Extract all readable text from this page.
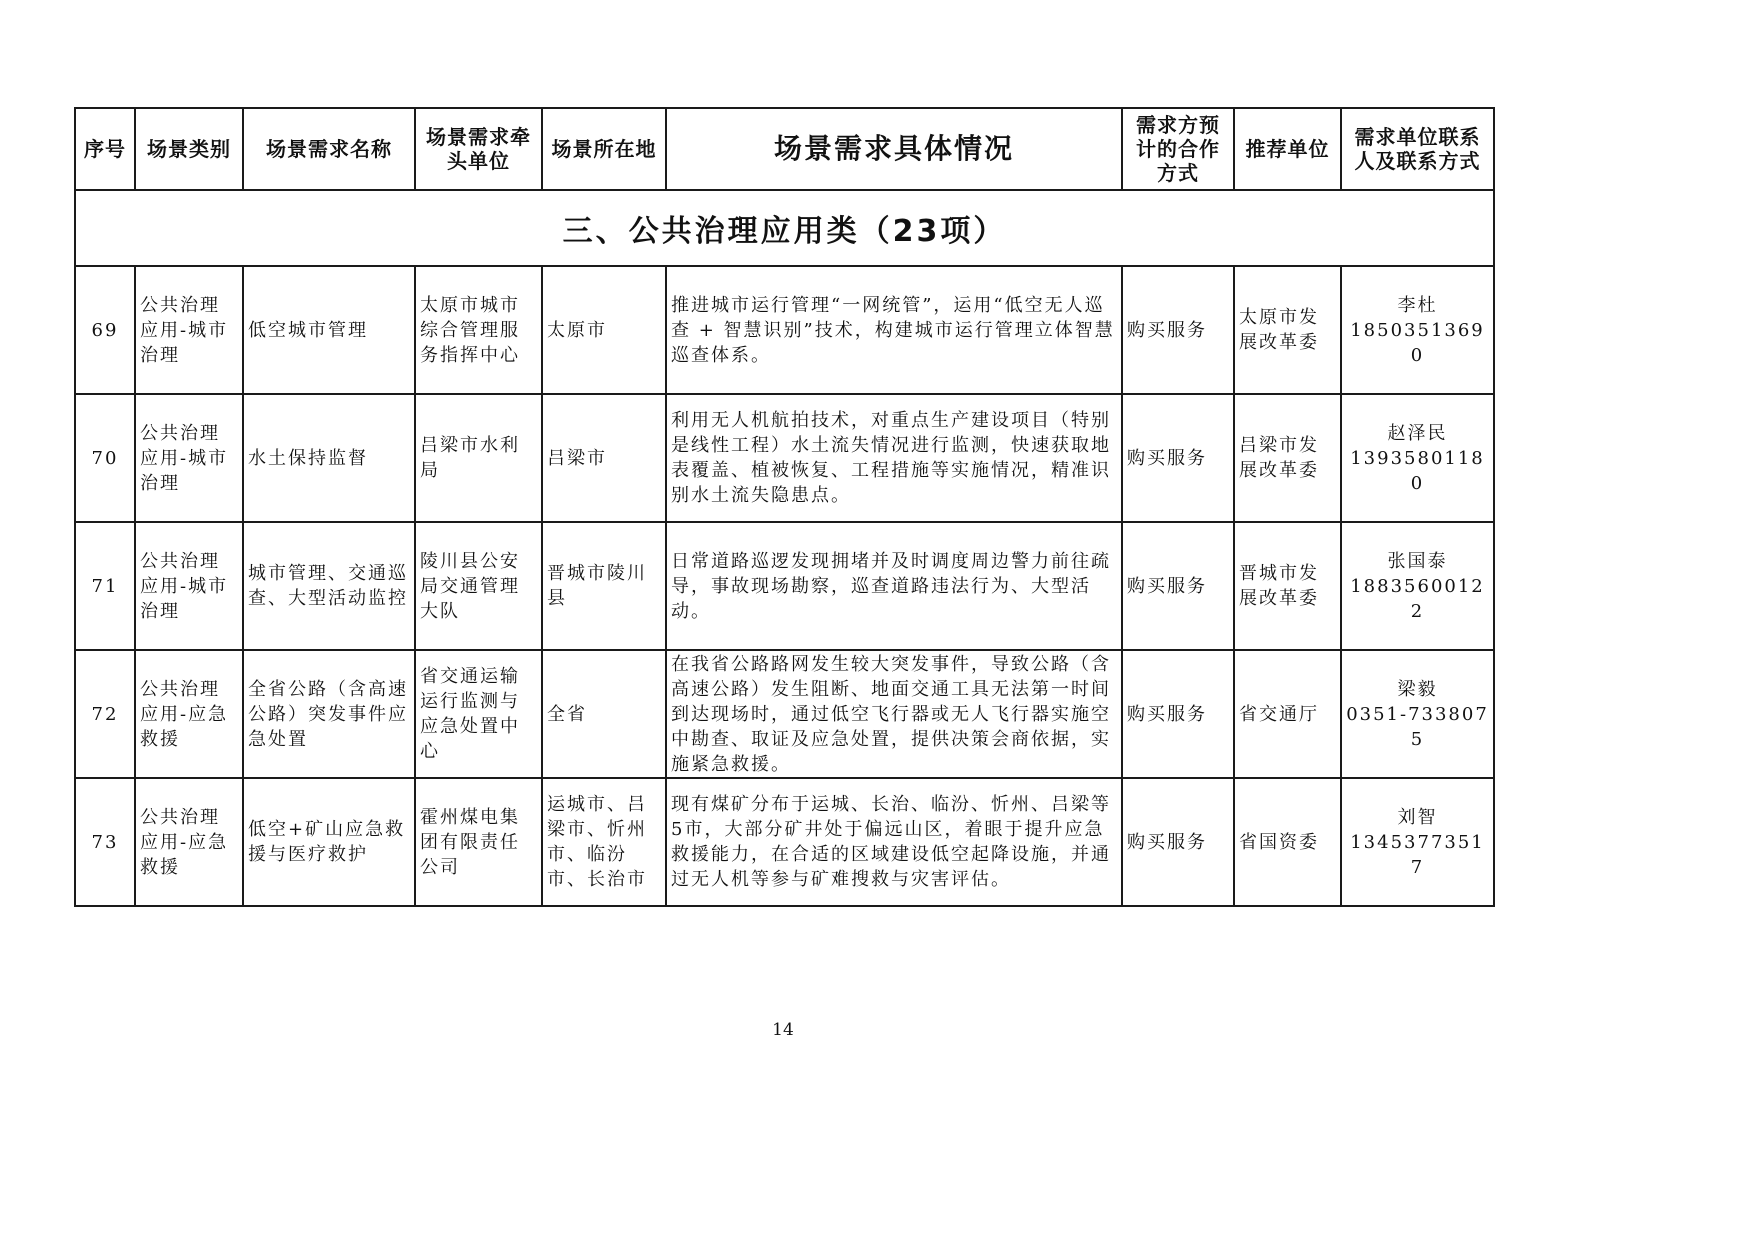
序号	场景类别	场景需求名称	场景需求牵头单位	场景所在地	场景需求具体情况	需求方预计的合作方式	推荐单位	需求单位联系人及联系方式
三、公共治理应用类（23项）								
69	公共治理应用-城市治理	低空城市管理	太原市城市综合管理服务指挥中心	太原市	推进城市运行管理“一网统管”，运用“低空无人巡查 + 智慧识别”技术，构建城市运行管理立体智慧巡查体系。	购买服务	太原市发展改革委	李杜
18503513690

70	公共治理应用-城市治理	水土保持监督	吕梁市水利局	吕梁市	利用无人机航拍技术，对重点生产建设项目（特别是线性工程）水土流失情况进行监测，快速获取地表覆盖、植被恢复、工程措施等实施情况，精准识别水土流失隐患点。	购买服务	吕梁市发展改革委	赵泽民
13935801180

71	公共治理应用-城市治理	城市管理、交通巡查、大型活动监控	陵川县公安局交通管理大队	晋城市陵川县	日常道路巡逻发现拥堵并及时调度周边警力前往疏导，事故现场勘察，巡查道路违法行为、大型活动。	购买服务	晋城市发展改革委	张国泰
18835600122

72	公共治理应用-应急救援	全省公路（含高速公路）突发事件应急处置	省交通运输运行监测与应急处置中心	全省	在我省公路路网发生较大突发事件，导致公路（含高速公路）发生阻断、地面交通工具无法第一时间到达现场时，通过低空飞行器或无人飞行器实施空中勘查、取证及应急处置，提供决策会商依据，实施紧急救援。	购买服务	省交通厅	梁毅
0351-7338075

73	公共治理应用-应急救援	低空+矿山应急救援与医疗救护	霍州煤电集团有限责任公司	运城市、吕梁市、忻州市、临汾市、长治市	现有煤矿分布于运城、长治、临汾、忻州、吕梁等5市，大部分矿井处于偏远山区，着眼于提升应急救援能力，在合适的区域建设低空起降设施，并通过无人机等参与矿难搜救与灾害评估。	购买服务	省国资委	刘智
13453773517
14
